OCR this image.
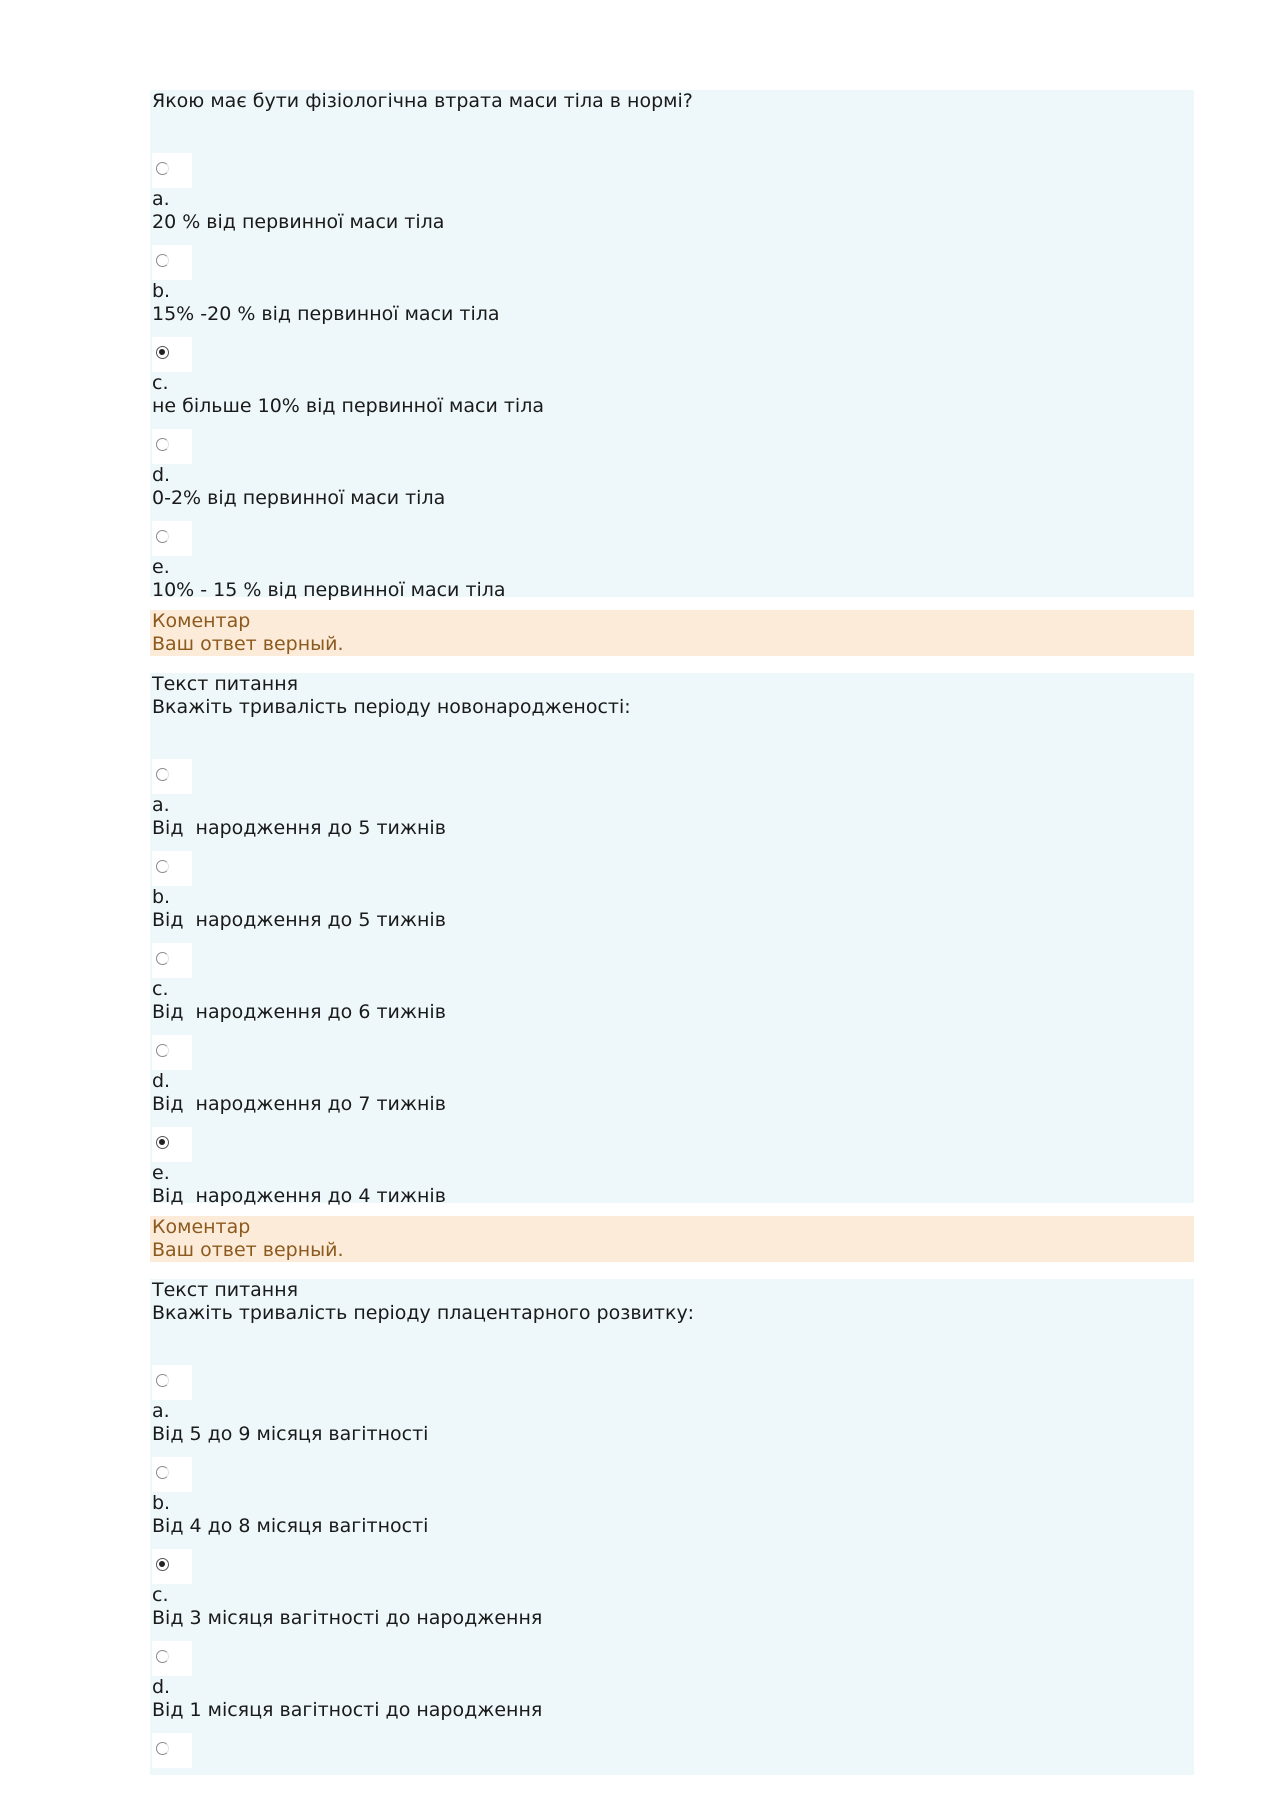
Якою має бути фізіологічна втрата маси тіла в нормі?
a.
20 % від первинної маси тіла
b.
15% -20 % від первинної маси тіла
c.
не більше 10% від первинної маси тіла
d.
0-2% від первинної маси тіла
e.
10% - 15 % від первинної маси тіла
Коментар
Ваш ответ верный.
Текст питання
Вкажіть тривалість періоду новонародженості:
a.
Від  народження до 5 тижнів
b.
Від  народження до 5 тижнів
c.
Від  народження до 6 тижнів
d.
Від  народження до 7 тижнів
e.
Від  народження до 4 тижнів
Коментар
Ваш ответ верный.
Текст питання
Вкажіть тривалість періоду плацентарного розвитку:
a.
Від 5 до 9 місяця вагітності
b.
Від 4 до 8 місяця вагітності
c.
Від 3 місяця вагітності до народження
d.
Від 1 місяця вагітності до народження
